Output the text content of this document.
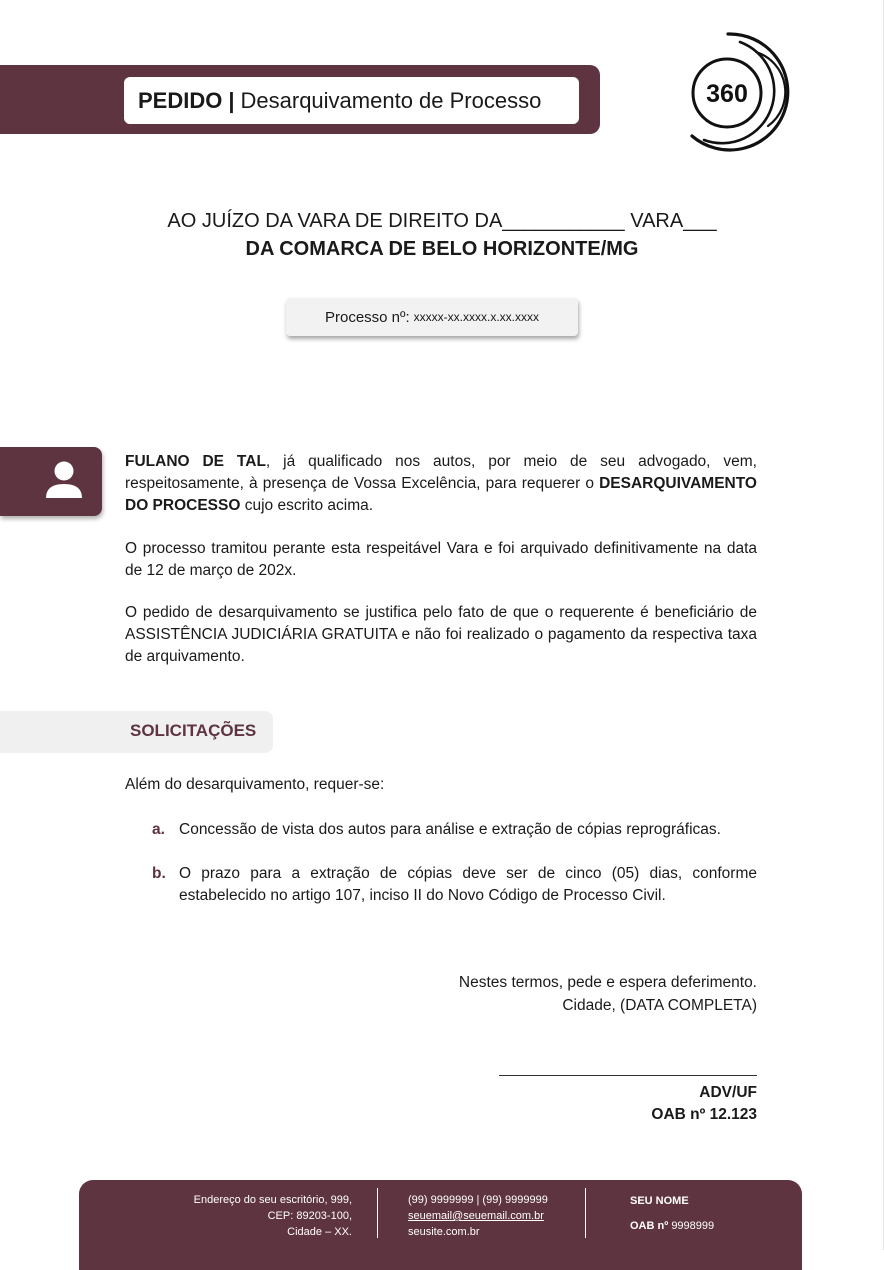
PEDIDO | Desarquivamento de Processo	360
AO JUÍZO DA VARA DE DIREITO DA___________ VARA___
DA COMARCA DE BELO HORIZONTE/MG
Processo nº: xxxxx-xx.xxxx.x.xx.xxxx

FULANO DE TAL, já qualificado nos autos, por meio de seu advogado, vem, respeitosamente, à presença de Vossa Excelência, para requerer o DESARQUIVAMENTO DO PROCESSO cujo escrito acima.

O processo tramitou perante esta respeitável Vara e foi arquivado definitivamente na data de 12 de março de 202x.

O pedido de desarquivamento se justifica pelo fato de que o requerente é beneficiário de ASSISTÊNCIA JUDICIÁRIA GRATUITA e não foi realizado o pagamento da respectiva taxa de arquivamento.

SOLICITAÇÕES

Além do desarquivamento, requer-se:

a. Concessão de vista dos autos para análise e extração de cópias reprográficas.
b. O prazo para a extração de cópias deve ser de cinco (05) dias, conforme estabelecido no artigo 107, inciso II do Novo Código de Processo Civil.
Nestes termos, pede e espera deferimento.
Cidade, (DATA COMPLETA)
ADV/UF
OAB nº 12.123
Endereço do seu escritório, 999,
CEP: 89203-100,
Cidade – XX.
(99) 9999999 | (99) 9999999
seuemail@seuemail.com.br
seusite.com.br
SEU NOME
OAB nº 9998999
